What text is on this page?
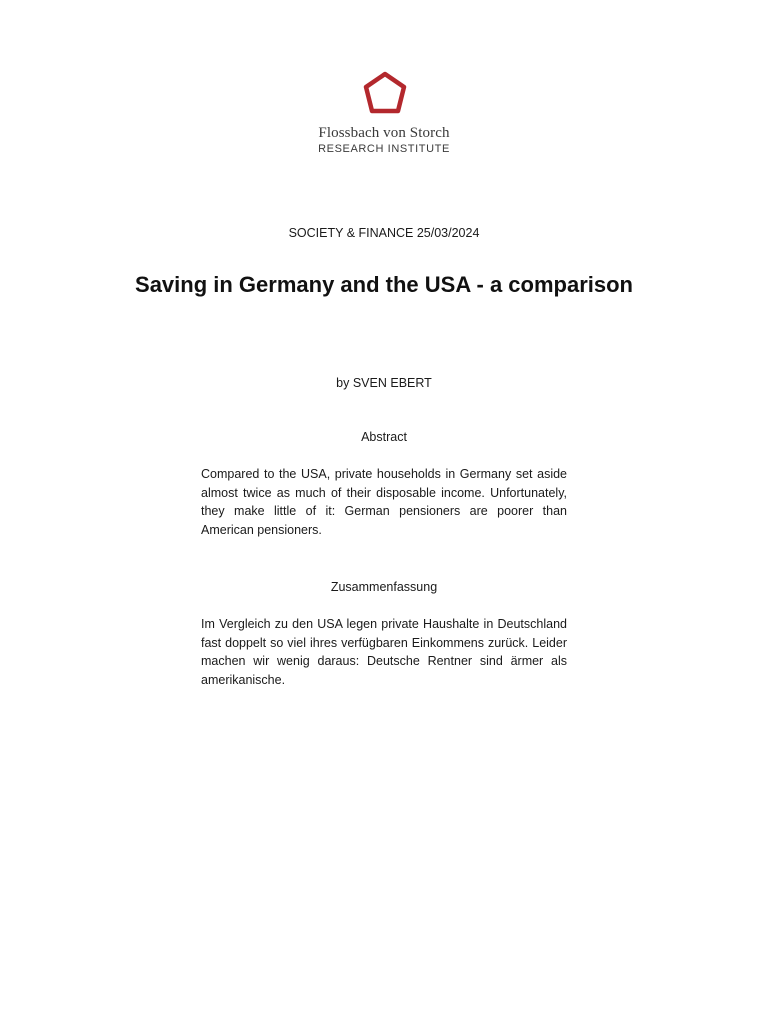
Flossbach von Storch
RESEARCH INSTITUTE
SOCIETY & FINANCE 25/03/2024
Saving in Germany and the USA - a comparison
by SVEN EBERT
Abstract

Compared to the USA, private households in Germany set aside almost twice as much of their disposable income. Unfortunately, they make little of it: German pensioners are poorer than American pensioners.

Zusammenfassung

Im Vergleich zu den USA legen private Haushalte in Deutschland fast doppelt so viel ihres verfügbaren Einkommens zurück. Leider machen wir wenig daraus: Deutsche Rentner sind ärmer als amerikanische.
